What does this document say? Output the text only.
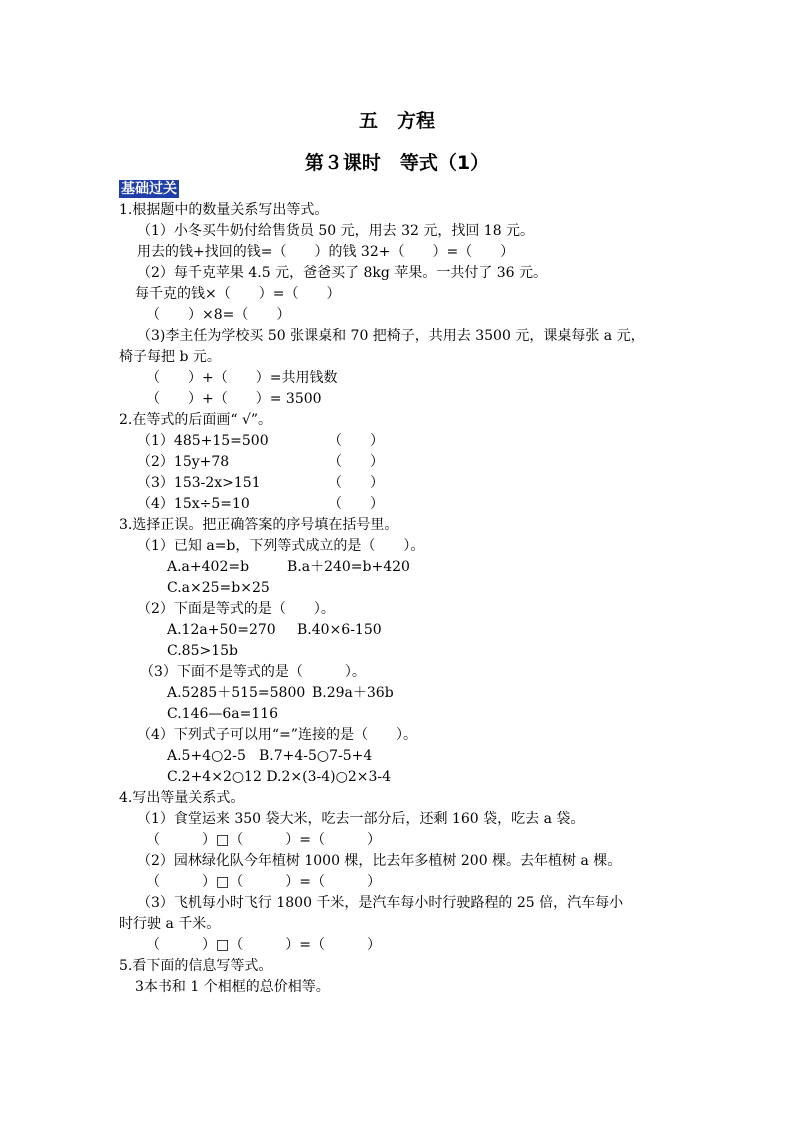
五　方程
第３课时　等式（1）
基础过关
1.根据题中的数量关系写出等式。
（1）小冬买牛奶付给售货员 50 元，用去 32 元，找回 18 元。
用去的钱+找回的钱=（　　）的钱 32+（　　）=（　　）
（2）每千克苹果 4.5 元，爸爸买了 8kg 苹果。一共付了 36 元。
每千克的钱×（　　）=（　　）
（　　）×8=（　　）
（3)李主任为学校买 50 张课桌和 70 把椅子，共用去 3500 元，课桌每张 a 元，
椅子每把 b 元。
（　　）+（　　）=共用钱数
（　　）+（　　）= 3500
2.在等式的后面画“ √”。
（1）485+15=500	（　　）
（2）15y+78	（　　）
（3）153-2x>151	（　　）
（4）15x÷5=10	（　　）
3.选择正误。把正确答案的序号填在括号里。
（1）已知 a=b，下列等式成立的是（　　）。
A.a+402=b	B.a＋240=b+420
C.a×25=b×25
（2）下面是等式的是（　　）。
A.12a+50=270 B.40×6-150
C.85>15b
（3）下面不是等式的是（　　　）。
A.5285＋515=5800 B.29a＋36b
C.146—6a=116
（4）下列式子可以用“=”连接的是（　　）。
A.5+4○2-5 B.7+4-5○7-5+4
C.2+4×2○12 D.2×(3-4)○2×3-4
4.写出等量关系式。
（1）食堂运来 350 袋大米，吃去一部分后，还剩 160 袋，吃去 a 袋。
（　　　）□（　　　）=（　　　）
（2）园林绿化队今年植树 1000 棵，比去年多植树 200 棵。去年植树 a 棵。
（　　　）□（　　　）=（　　　）
（3）飞机每小时飞行 1800 千米，是汽车每小时行驶路程的 25 倍，汽车每小
时行驶 a 千米。
（　　　）□（　　　）=（　　　）
5.看下面的信息写等式。
3本书和 1 个相框的总价相等。
